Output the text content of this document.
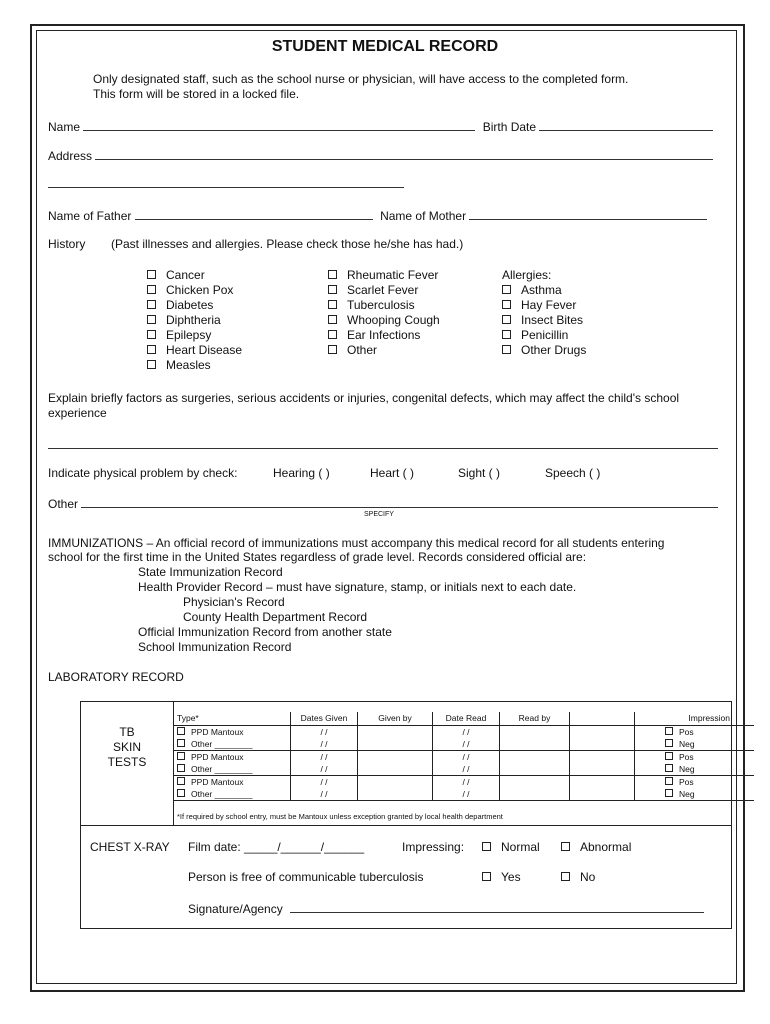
STUDENT MEDICAL RECORD
Only designated staff, such as the school nurse or physician, will have access to the completed form.
This form will be stored in a locked file.
Name	Birth Date
Address
Name of Father	Name of Mother
History (Past illnesses and allergies. Please check those he/she has had.)
Cancer
Chicken Pox
Diabetes
Diphtheria
Epilepsy
Heart Disease
Measles
Rheumatic Fever
Scarlet Fever
Tuberculosis
Whooping Cough
Ear Infections
Other
Allergies:
Asthma
Hay Fever
Insect Bites
Penicillin
Other Drugs
Explain briefly factors as surgeries, serious accidents or injuries, congenital defects, which may affect the child's school
experience
Indicate physical problem by check:	Hearing ( )	Heart ( )	Sight ( )	Speech ( )
Other
SPECIFY
IMMUNIZATIONS – An official record of immunizations must accompany this medical record for all students entering
school for the first time in the United States regardless of grade level. Records considered official are:
State Immunization Record
Health Provider Record – must have signature, stamp, or initials next to each date.
Physician's Record
County Health Department Record
Official Immunization Record from another state
School Immunization Record
LABORATORY RECORD
TB
SKIN
TESTS
Type*	Dates Given	Given by	Date Read	Read by		Impression
PPD Mantoux	/ /		/ /			Pos
Other ________	/ /		/ /			Neg
PPD Mantoux	/ /		/ /			Pos
Other ________	/ /		/ /			Neg
PPD Mantoux	/ /		/ /			Pos
Other ________	/ /		/ /			Neg
*If required by school entry, must be Mantoux unless exception granted by local health department
CHEST X-RAY Film date: _____/______/______	Impressing:	Normal	Abnormal
Person is free of communicable tuberculosis	Yes	No
Signature/Agency
